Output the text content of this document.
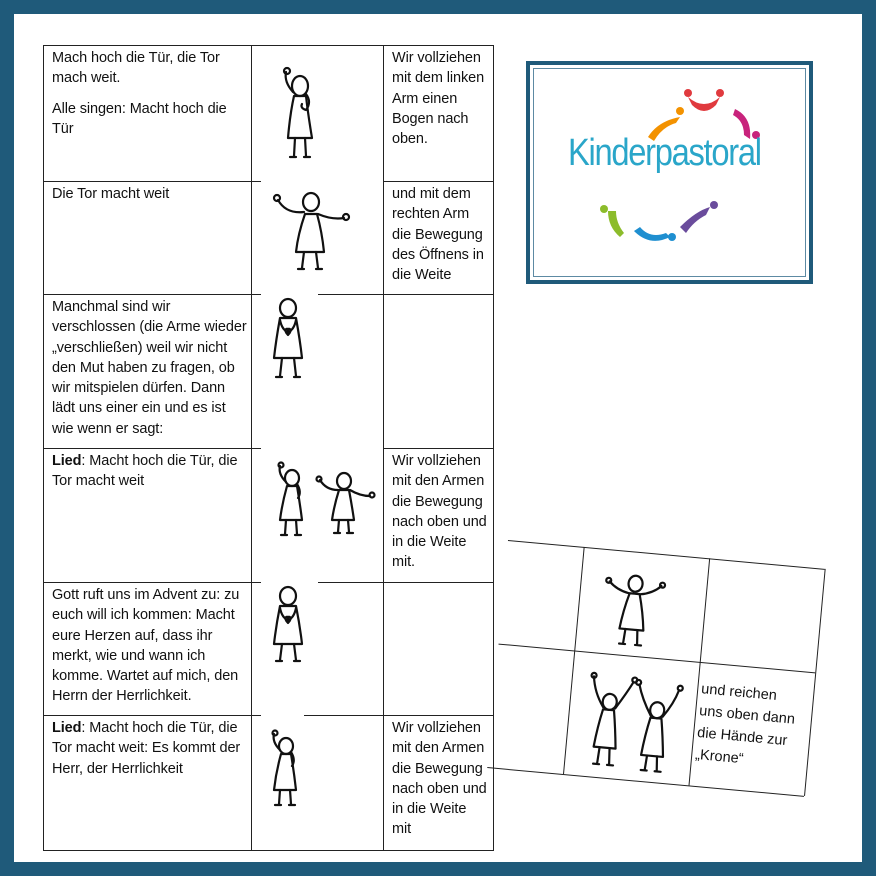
Mach hoch die Tür, die Tor
mach weit.
Alle singen: Macht hoch die
Tür
Wir vollziehen
mit dem linken
Arm einen
Bogen nach
oben.
Die Tor macht weit	und mit dem
rechten Arm
die Bewegung
des Öffnens in
die Weite
Manchmal sind wir
verschlossen (die Arme wieder
„verschließen) weil wir nicht
den Mut haben zu fragen, ob
wir mitspielen dürfen. Dann
lädt uns einer ein und es ist
wie wenn er sagt:
Lied: Macht hoch die Tür, die
Tor macht weit
Wir vollziehen
mit den Armen
die Bewegung
nach oben und
in die Weite
mit.
Gott ruft uns im Advent zu: zu
euch will ich kommen: Macht
eure Herzen auf, dass ihr
merkt, wie und wann ich
komme. Wartet auf mich, den
Herrn der Herrlichkeit.
Lied: Macht hoch die Tür, die
Tor macht weit: Es kommt der
Herr, der Herrlichkeit
Wir vollziehen
mit den Armen
die Bewegung
nach oben und
in die Weite
mit
Kinderpastoral
und reichen
uns oben dann
die Hände zur
„Krone“
